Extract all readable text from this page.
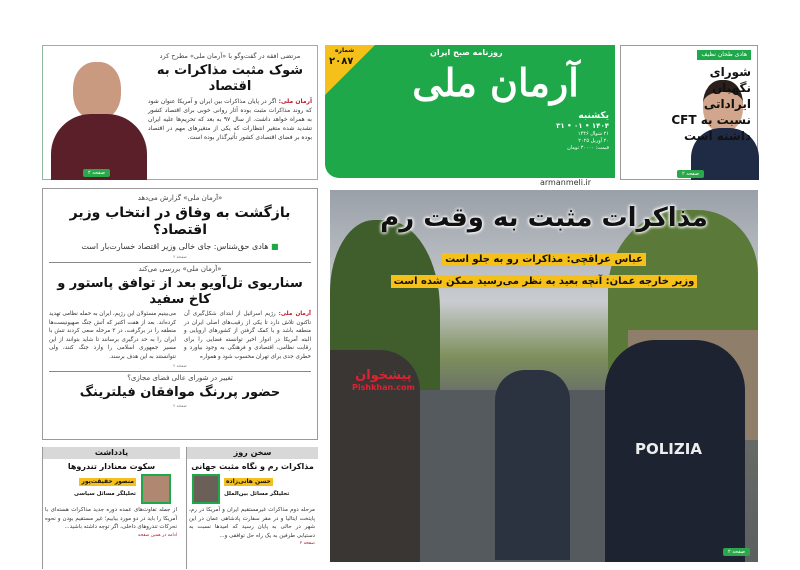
مرتضی افقه در گفت‌وگو با «آرمان ملی» مطرح کرد
شوک مثبت مذاکرات به اقتصاد
آرمان ملی: اگر در پایان مذاکرات بین ایران و آمریکا عنوان شود که روند مذاکرات مثبت بوده آثار روانی خوبی برای اقتصاد کشور به همراه خواهد داشت. از سال ۹۷ به بعد که تحریم‌ها علیه ایران تشدید شده متغیر انتظارات که یکی از متغیرهای مهم در اقتصاد بوده بر فضای اقتصادی کشور تأثیرگذار بوده است.
صفحه ۲
شماره
۲۰۸۷
روزنامه صبح ایران
آرمان ملی
یکشنبه
۱۴۰۴ • ۰۱ • ۳۱
۲۱ شوال ۱۴۴۶
۲۰ آوریل ۲۰۲۵
قیمت: ۳۰۰۰۰ تومان
armanmeli.ir
هادی طحان نظیف
شورای نگهبان ایراداتی نسبت به CFT داشته است
صفحه ۲
«آرمان ملی» گزارش می‌دهد
بازگشت به وفاق در انتخاب وزیر اقتصاد؟
■ هادی حق‌شناس: جای خالی وزیر اقتصاد خسارت‌بار است
صفحه ۲
«آرمان ملی» بررسی می‌کند
سناریوی تل‌آویو بعد از توافق پاستور و کاخ سفید
آرمان ملی: رژیم اسرائیل از ابتدای شکل‌گیری آن تاکنون تلاش دارد تا یکی از رقیب‌های اصلی ایران در منطقه باشد و با کمک گرفتن از کشورهای اروپایی و البته آمریکا در ادوار اخیر توانسته فضایی را برای رقابت نظامی، اقتصادی و فرهنگی به وجود بیاورد و خطری جدی برای تهران محسوب شود و همواره
می‌بینیم مسئولان این رژیم، ایران به حمله نظامی تهدید کرده‌اند. بعد از هفت اکتبر که آتش جنگ صهیونیست‌ها منطقه را در برگرفت، در ۳ مرحله سعی کردند تنش با ایران را به حد درگیری برسانند تا شاید بتوانند از این مسیر جمهوری اسلامی را وارد جنگ کنند، ولی نتوانستند به این هدف برسند.
صفحه ۲
تغییر در شورای عالی فضای مجازی؟
حضور پررنگ موافقان فیلترینگ
صفحه ۲
سخن روز
مذاکرات رم و نگاه مثبت جهانی
حسن هانی‌زاده
تحلیلگر مسائل بین‌الملل
مرحله دوم مذاکرات غیرمستقیم ایران و آمریکا در رم، پایتخت ایتالیا و در مقر سفارت پادشاهی عمان در این شهر در حالی به پایان رسید که امیدها نسبت به دستیابی طرفین به یک راه حل توافقی و...
صفحه ۲
یادداشت
سکوت معنادار تندروها
منصور حقیقت‌پور
تحلیلگر مسائل سیاسی
از جمله تفاوت‌های عمده دوره جدید مذاکرات هسته‌ای با آمریکا را باید در دو مورد بیابیم؛ غیر مستقیم بودن و نحوه تحرکات تندروهای داخلی، اگر توجه داشته باشید...
ادامه در همین صفحه
POLIZIA
پیشخوان
Pishkhan.com
مذاکرات مثبت به وقت رم
عباس عراقچی: مذاکرات رو به جلو است
وزیر خارجه عمان: آنچه بعید به نظر می‌رسید ممکن شده است
صفحه ۲
